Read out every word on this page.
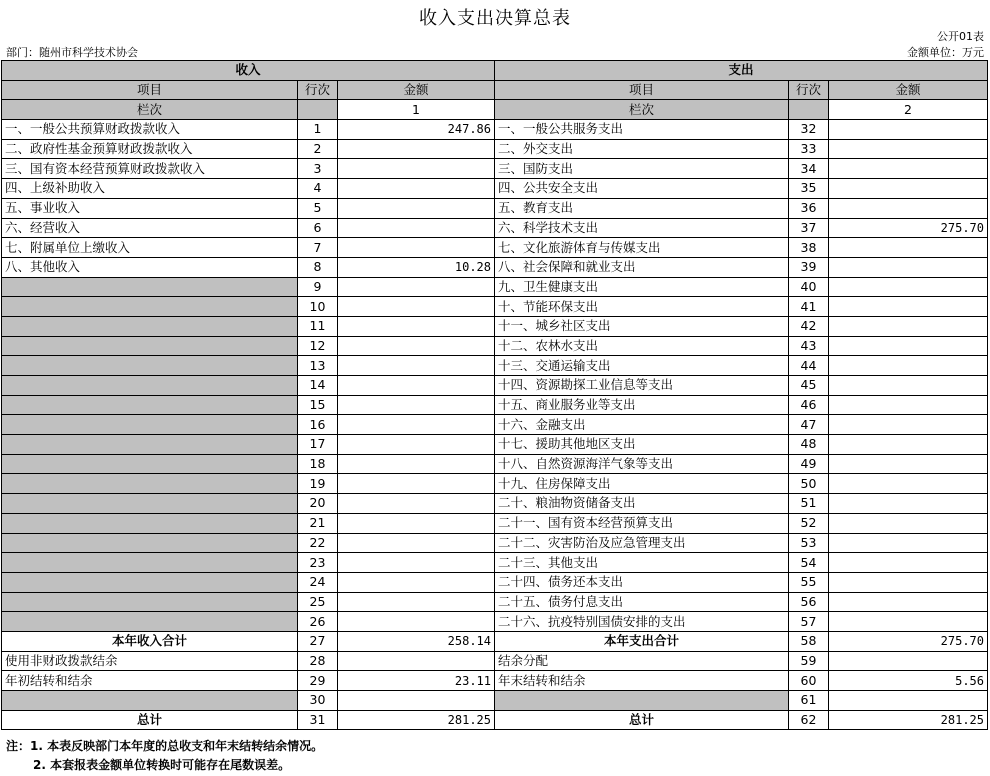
收入支出决算总表
公开01表
部门：随州市科学技术协会	金额单位：万元
收入			支出		
项目	行次	金额	项目	行次	金额
栏次		1	栏次		2
一、一般公共预算财政拨款收入	1	247.86	一、一般公共服务支出	32	
二、政府性基金预算财政拨款收入	2		二、外交支出	33	
三、国有资本经营预算财政拨款收入	3		三、国防支出	34	
四、上级补助收入	4		四、公共安全支出	35	
五、事业收入	5		五、教育支出	36	
六、经营收入	6		六、科学技术支出	37	275.70
七、附属单位上缴收入	7		七、文化旅游体育与传媒支出	38	
八、其他收入	8	10.28	八、社会保障和就业支出	39	
	9		九、卫生健康支出	40	
	10		十、节能环保支出	41	
	11		十一、城乡社区支出	42	
	12		十二、农林水支出	43	
	13		十三、交通运输支出	44	
	14		十四、资源勘探工业信息等支出	45	
	15		十五、商业服务业等支出	46	
	16		十六、金融支出	47	
	17		十七、援助其他地区支出	48	
	18		十八、自然资源海洋气象等支出	49	
	19		十九、住房保障支出	50	
	20		二十、粮油物资储备支出	51	
	21		二十一、国有资本经营预算支出	52	
	22		二十二、灾害防治及应急管理支出	53	
	23		二十三、其他支出	54	
	24		二十四、债务还本支出	55	
	25		二十五、债务付息支出	56	
	26		二十六、抗疫特别国债安排的支出	57	
本年收入合计	27	258.14	本年支出合计	58	275.70
使用非财政拨款结余	28		结余分配	59	
年初结转和结余	29	23.11	年末结转和结余	60	5.56
	30			61	
总计	31	281.25	总计	62	281.25
注：1. 本表反映部门本年度的总收支和年末结转结余情况。
2. 本套报表金额单位转换时可能存在尾数误差。
